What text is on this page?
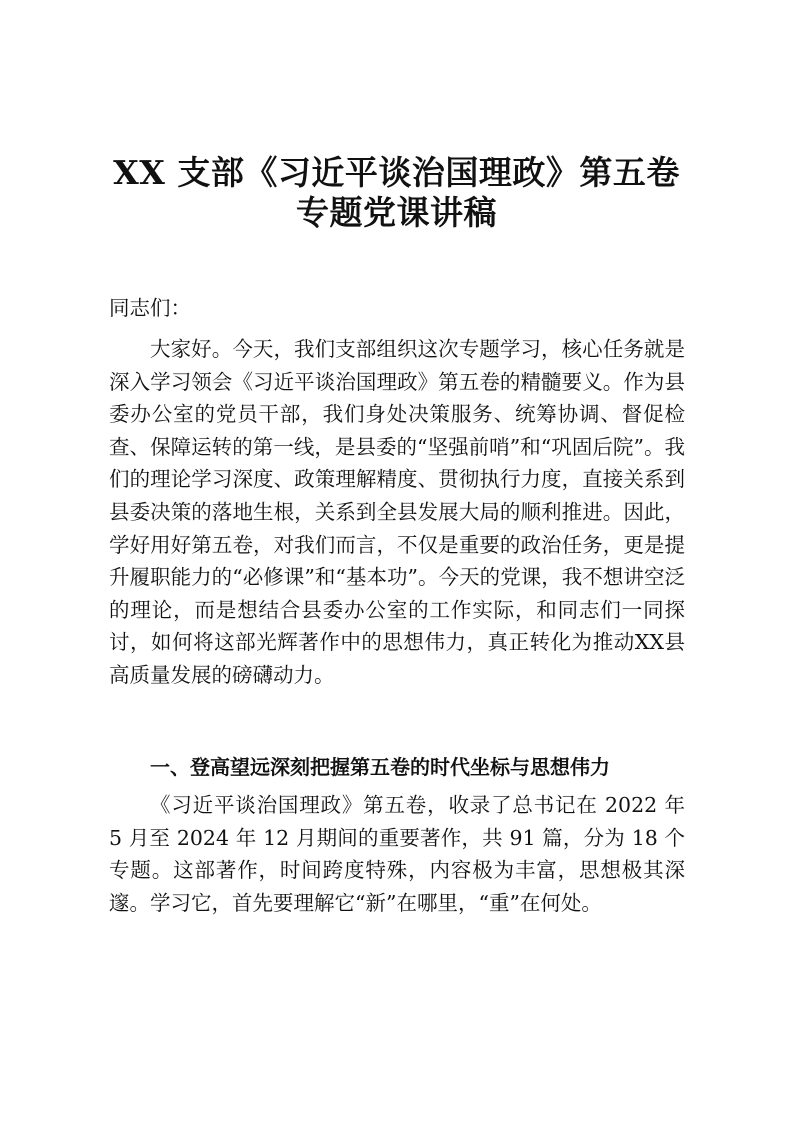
XX 支部《习近平谈治国理政》第五卷
专题党课讲稿

同志们：

大家好。今天，我们支部组织这次专题学习，核心任务就是深入学习领会《习近平谈治国理政》第五卷的精髓要义。作为县委办公室的党员干部，我们身处决策服务、统筹协调、督促检查、保障运转的第一线，是县委的“坚强前哨”和“巩固后院”。我们的理论学习深度、政策理解精度、贯彻执行力度，直接关系到县委决策的落地生根，关系到全县发展大局的顺利推进。因此，学好用好第五卷，对我们而言，不仅是重要的政治任务，更是提升履职能力的“必修课”和“基本功”。今天的党课，我不想讲空泛的理论，而是想结合县委办公室的工作实际，和同志们一同探讨，如何将这部光辉著作中的思想伟力，真正转化为推动XX县高质量发展的磅礴动力。

一、登高望远深刻把握第五卷的时代坐标与思想伟力

《习近平谈治国理政》第五卷，收录了总书记在 2022 年 5 月至 2024 年 12 月期间的重要著作，共 91 篇，分为 18 个专题。这部著作，时间跨度特殊，内容极为丰富，思想极其深邃。学习它，首先要理解它“新”在哪里，“重”在何处。
